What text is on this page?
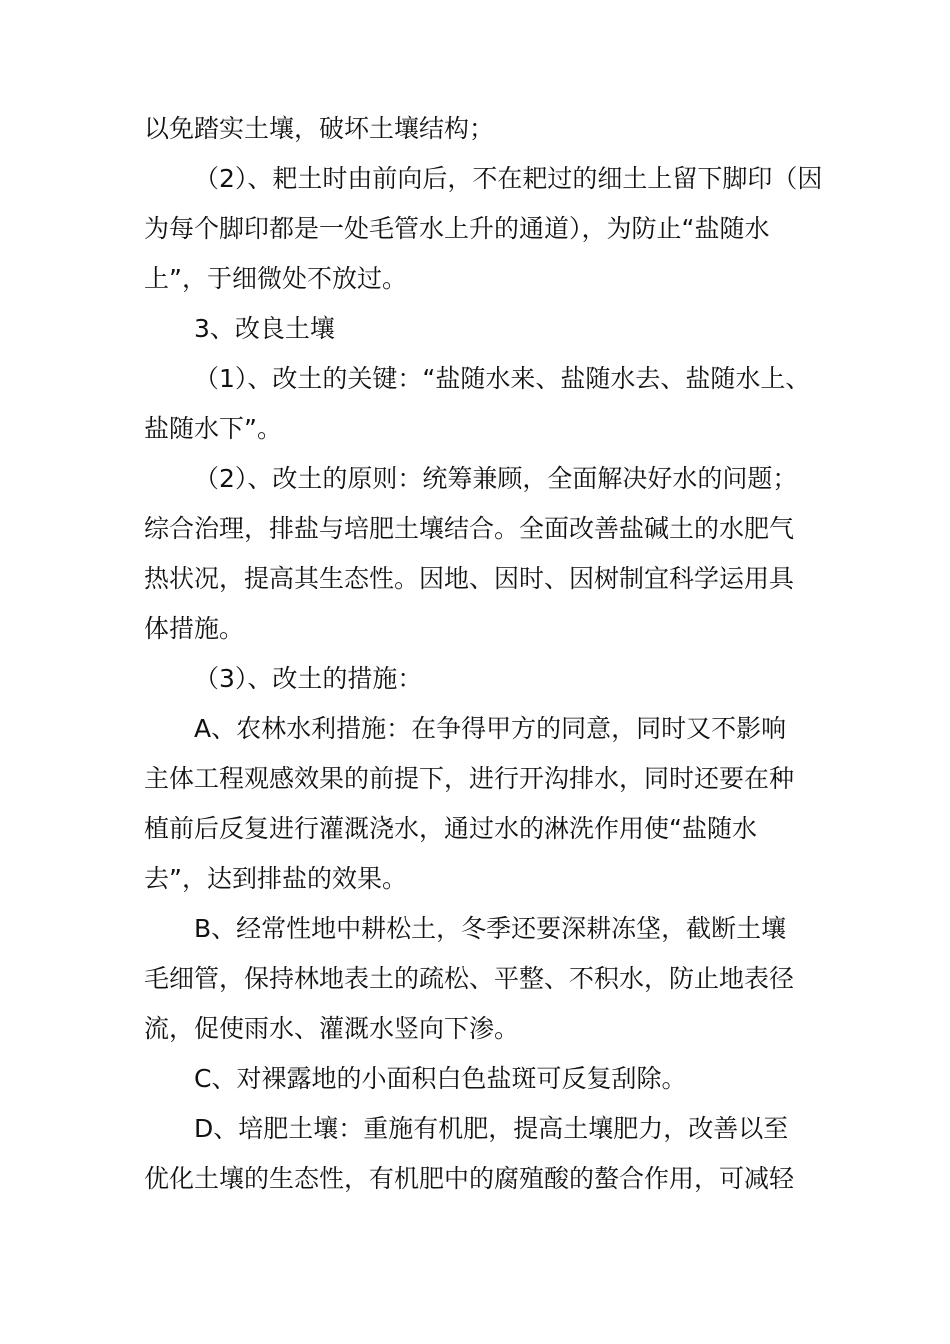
以免踏实土壤，破坏土壤结构；

（2）、耙土时由前向后，不在耙过的细土上留下脚印（因
为每个脚印都是一处毛管水上升的通道），为防止“盐随水
上”，于细微处不放过。

3、改良土壤

（1）、改土的关键：“盐随水来、盐随水去、盐随水上、
盐随水下”。

（2）、改土的原则：统筹兼顾，全面解决好水的问题；
综合治理，排盐与培肥土壤结合。全面改善盐碱土的水肥气
热状况，提高其生态性。因地、因时、因树制宜科学运用具
体措施。

（3）、改土的措施：

A、农林水利措施：在争得甲方的同意，同时又不影响
主体工程观感效果的前提下，进行开沟排水，同时还要在种
植前后反复进行灌溉浇水，通过水的淋洗作用使“盐随水
去”，达到排盐的效果。

B、经常性地中耕松土，冬季还要深耕冻垡，截断土壤
毛细管，保持林地表土的疏松、平整、不积水，防止地表径
流，促使雨水、灌溉水竖向下渗。

C、对裸露地的小面积白色盐斑可反复刮除。

D、培肥土壤：重施有机肥，提高土壤肥力，改善以至
优化土壤的生态性，有机肥中的腐殖酸的螯合作用，可减轻
